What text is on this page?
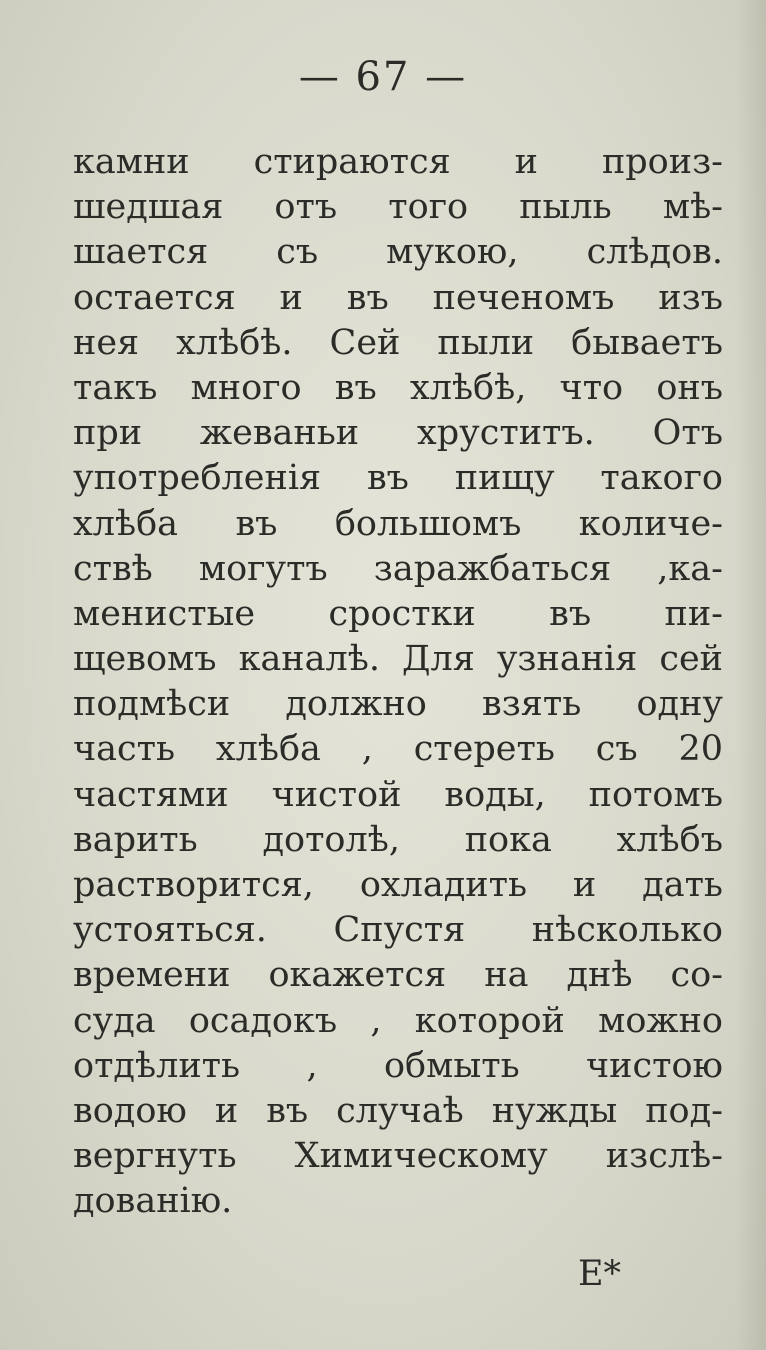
— 67 —
камни стираются и произ-
шедшая отъ того пыль мѣ-
шается съ мукою, слѣдов.
остается и въ печеномъ изъ
нея хлѣбѣ. Сей пыли бываетъ
такъ много въ хлѣбѣ, что онъ
при жеваньи хруститъ. Отъ
употребленія въ пищу такого
хлѣба въ большомъ количе-
ствѣ могутъ заражбаться ,ка-
менистые сростки въ пи-
щевомъ каналѣ. Для узнанія сей
подмѣси должно взять одну
часть хлѣба , стереть съ 20
частями чистой воды, потомъ
варить дотолѣ, пока хлѣбъ
растворится, охладить и дать
устояться. Спустя нѣсколько
времени окажется на днѣ со-
суда осадокъ , которой можно
отдѣлить , обмыть чистою
водою и въ случаѣ нужды под-
вергнуть Химическому изслѣ-
дованію.
E*
